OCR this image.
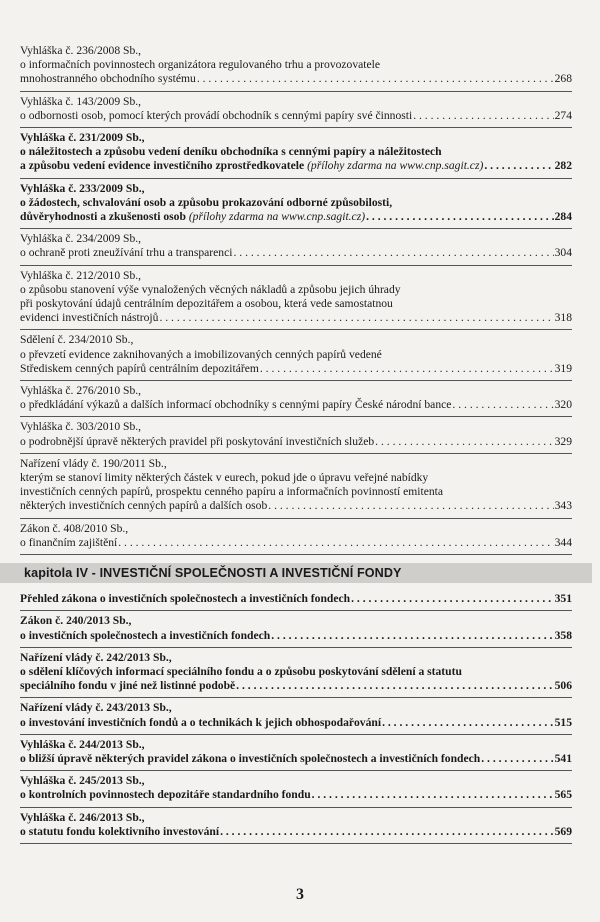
Vyhláška č. 236/2008 Sb.,
o informačních povinnostech organizátora regulovaného trhu a provozovatele
mnohostranného obchodního systému . . .	268
Vyhláška č. 143/2009 Sb.,
o odbornosti osob, pomocí kterých provádí obchodník s cennými papíry své činnosti . . .	274
Vyhláška č. 231/2009 Sb.,
o náležitostech a způsobu vedení deníku obchodníka s cennými papíry a náležitostech
a způsobu vedení evidence investičního zprostředkovatele (přílohy zdarma na www.cnp.sagit.cz) . . .	282
Vyhláška č. 233/2009 Sb.,
o žádostech, schvalování osob a způsobu prokazování odborné způsobilosti,
důvěryhodnosti a zkušenosti osob (přílohy zdarma na www.cnp.sagit.cz) . . .	284
Vyhláška č. 234/2009 Sb.,
o ochraně proti zneužívání trhu a transparenci . . .	304
Vyhláška č. 212/2010 Sb.,
o způsobu stanovení výše vynaložených věcných nákladů a způsobu jejich úhrady
při poskytování údajů centrálním depozitářem a osobou, která vede samostatnou
evidenci investičních nástrojů . . .	318
Sdělení č. 234/2010 Sb.,
o převzetí evidence zaknihovaných a imobilizovaných cenných papírů vedené
Střediskem cenných papírů centrálním depozitářem . . .	319
Vyhláška č. 276/2010 Sb.,
o předkládání výkazů a dalších informací obchodníky s cennými papíry České národní bance . . .	320
Vyhláška č. 303/2010 Sb.,
o podrobnější úpravě některých pravidel při poskytování investičních služeb . . .	329
Nařízení vlády č. 190/2011 Sb.,
kterým se stanoví limity některých částek v eurech, pokud jde o úpravu veřejné nabídky
investičních cenných papírů, prospektu cenného papíru a informačních povinností emitenta
některých investičních cenných papírů a dalších osob . . .	343
Zákon č. 408/2010 Sb.,
o finančním zajištění . . .	344
kapitola IV - INVESTIČNÍ SPOLEČNOSTI A INVESTIČNÍ FONDY
Přehled zákona o investičních společnostech a investičních fondech . . .	351
Zákon č. 240/2013 Sb.,
o investičních společnostech a investičních fondech . . .	358
Nařízení vlády č. 242/2013 Sb.,
o sdělení klíčových informací speciálního fondu a o způsobu poskytování sdělení a statutu
speciálního fondu v jiné než listinné podobě . . .	506
Nařízení vlády č. 243/2013 Sb.,
o investování investičních fondů a o technikách k jejich obhospodařování . . .	515
Vyhláška č. 244/2013 Sb.,
o bližší úpravě některých pravidel zákona o investičních společnostech a investičních fondech . . .	541
Vyhláška č. 245/2013 Sb.,
o kontrolních povinnostech depozitáře standardního fondu . . .	565
Vyhláška č. 246/2013 Sb.,
o statutu fondu kolektivního investování . . .	569
3
